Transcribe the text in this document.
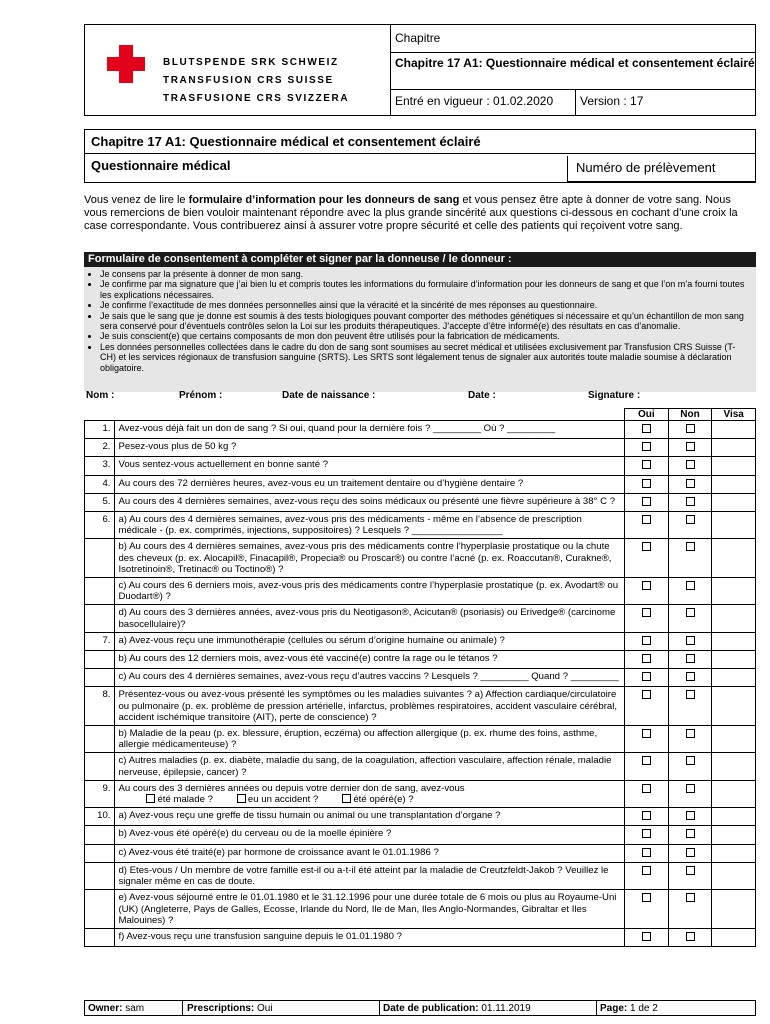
BLUTSPENDE SRK SCHWEIZ
TRANSFUSION CRS SUISSE
TRASFUSIONE CRS SVIZZERA
Chapitre
Chapitre 17 A1: Questionnaire médical et consentement éclairé
Entré en vigueur : 01.02.2020	Version : 17
Chapitre 17 A1: Questionnaire médical et consentement éclairé
Questionnaire médical	Numéro de prélèvement
Vous venez de lire le formulaire d’information pour les donneurs de sang et vous pensez être apte à donner de votre sang. Nous vous remercions de bien vouloir maintenant répondre avec la plus grande sincérité aux questions ci-dessous en cochant d’une croix la case correspondante. Vous contribuerez ainsi à assurer votre propre sécurité et celle des patients qui reçoivent votre sang.
Formulaire de consentement à compléter et signer par la donneuse / le donneur :
• Je consens par la présente à donner de mon sang.
• Je confirme par ma signature que j’ai bien lu et compris toutes les informations du formulaire d’information pour les donneurs de sang et que l’on m’a fourni toutes les explications nécessaires.
• Je confirme l’exactitude de mes données personnelles ainsi que la véracité et la sincérité de mes réponses au questionnaire.
• Je sais que le sang que je donne est soumis à des tests biologiques pouvant comporter des méthodes génétiques si nécessaire et qu’un échantillon de mon sang sera conservé pour d’éventuels contrôles selon la Loi sur les produits thérapeutiques. J’accepte d’être informé(e) des résultats en cas d’anomalie.
• Je suis conscient(e) que certains composants de mon don peuvent être utilisés pour la fabrication de médicaments.
• Les données personnelles collectées dans le cadre du don de sang sont soumises au secret médical et utilisées exclusivement par Transfusion CRS Suisse (T-CH) et les services régionaux de transfusion sanguine (SRTS). Les SRTS sont légalement tenus de signaler aux autorités toute maladie soumise à déclaration obligatoire.
Nom :	Prénom :	Date de naissance :	Date :	Signature :
		Oui	Non	Visa
1.	Avez-vous déjà fait un don de sang ? Si oui, quand pour la dernière fois ? _________ Où ? _________			
2.	Pesez-vous plus de 50 kg ?			
3.	Vous sentez-vous actuellement en bonne santé ?			
4.	Au cours des 72 dernières heures, avez-vous eu un traitement dentaire ou d’hygiène dentaire ?			
5.	Au cours des 4 dernières semaines, avez-vous reçu des soins médicaux ou présenté une fièvre supérieure à 38° C ?			
6.	a) Au cours des 4 dernières semaines, avez-vous pris des médicaments - même en l’absence de prescription médicale - (p. ex. comprimés, injections, suppositoires) ? Lesquels ? _________________			
	b) Au cours des 4 dernières semaines, avez-vous pris des médicaments contre l’hyperplasie prostatique ou la chute des cheveux (p. ex. Alocapil®, Finacapil®, Propecia® ou Proscar®) ou contre l’acné (p. ex. Roaccutan®, Curakne®, Isotretinoin®, Tretinac® ou Toctino®) ?			
	c) Au cours des 6 derniers mois, avez-vous pris des médicaments contre l’hyperplasie prostatique (p. ex. Avodart® ou Duodart®) ?			
	d) Au cours des 3 dernières années, avez-vous pris du Neotigason®, Acicutan® (psoriasis) ou Erivedge® (carcinome basocellulaire)?			
7.	a) Avez-vous reçu une immunothérapie (cellules ou sérum d’origine humaine ou animale) ?			
	b) Au cours des 12 derniers mois, avez-vous été vacciné(e) contre la rage ou le tétanos ?			
	c) Au cours des 4 dernières semaines, avez-vous reçu d’autres vaccins ? Lesquels ? _________ Quand ? _________			
8.	Présentez-vous ou avez-vous présenté les symptômes ou les maladies suivantes ? a) Affection cardiaque/circulatoire ou pulmonaire (p. ex. problème de pression artérielle, infarctus, problèmes respiratoires, accident vasculaire cérébral, accident ischémique transitoire (AIT), perte de conscience) ?			
	b) Maladie de la peau (p. ex. blessure, éruption, eczéma) ou affection allergique (p. ex. rhume des foins, asthme, allergie médicamenteuse) ?			
	c) Autres maladies (p. ex. diabète, maladie du sang, de la coagulation, affection vasculaire, affection rénale, maladie nerveuse, épilepsie, cancer) ?			
9.	Au cours des 3 dernières années ou depuis votre dernier don de sang, avez-vous
été malade ? eu un accident ? été opéré(e) ?			

10.	a) Avez-vous reçu une greffe de tissu humain ou animal ou une transplantation d’organe ?			
	b) Avez-vous été opéré(e) du cerveau ou de la moelle épinière ?			
	c) Avez-vous été traité(e) par hormone de croissance avant le 01.01.1986 ?			
	d) Etes-vous / Un membre de votre famille est-il ou a-t-il été atteint par la maladie de Creutzfeldt-Jakob ? Veuillez le signaler même en cas de doute.			
	e) Avez-vous séjourné entre le 01.01.1980 et le 31.12.1996 pour une durée totale de 6 mois ou plus au Royaume-Uni (UK) (Angleterre, Pays de Galles, Ecosse, Irlande du Nord, Ile de Man, Iles Anglo-Normandes, Gibraltar et Iles Malouines) ?			
	f) Avez-vous reçu une transfusion sanguine depuis le 01.01.1980 ?			
Owner: sam	Prescriptions: Oui	Date de publication: 01.11.2019	Page: 1 de 2
